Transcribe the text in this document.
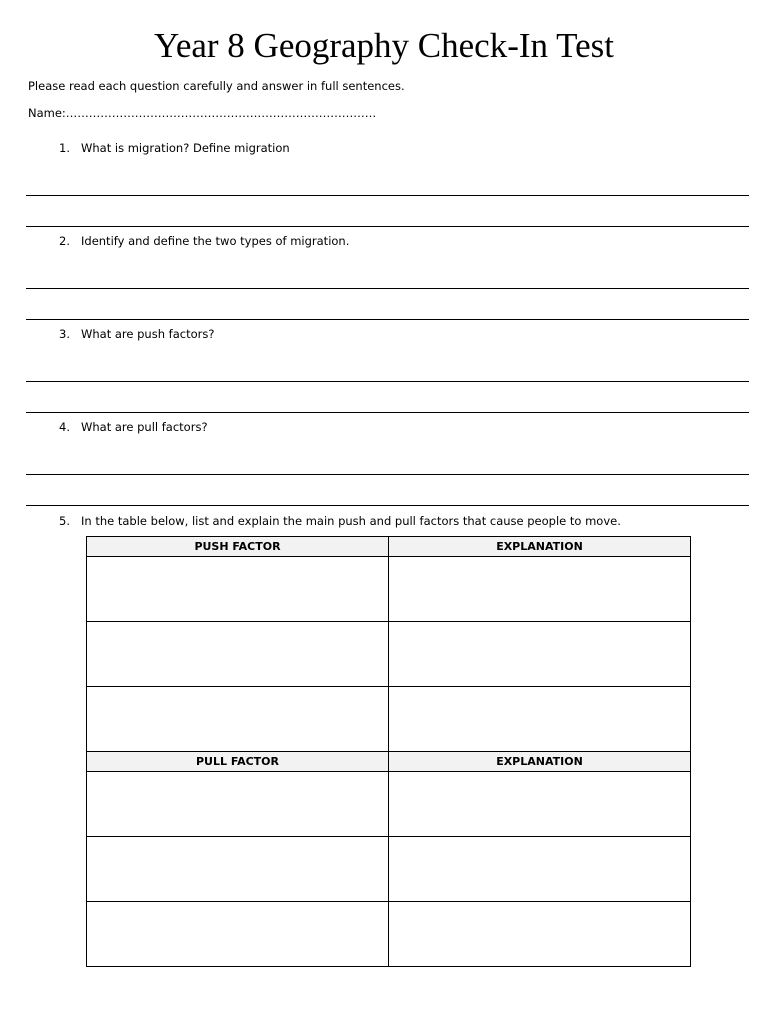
Year 8 Geography Check-In Test
Please read each question carefully and answer in full sentences.
Name:………………………………………………………………………
1. What is migration? Define migration
2. Identify and define the two types of migration.
3. What are push factors?
4. What are pull factors?
5. In the table below, list and explain the main push and pull factors that cause people to move.
PUSH FACTOR	EXPLANATION

PULL FACTOR	EXPLANATION
